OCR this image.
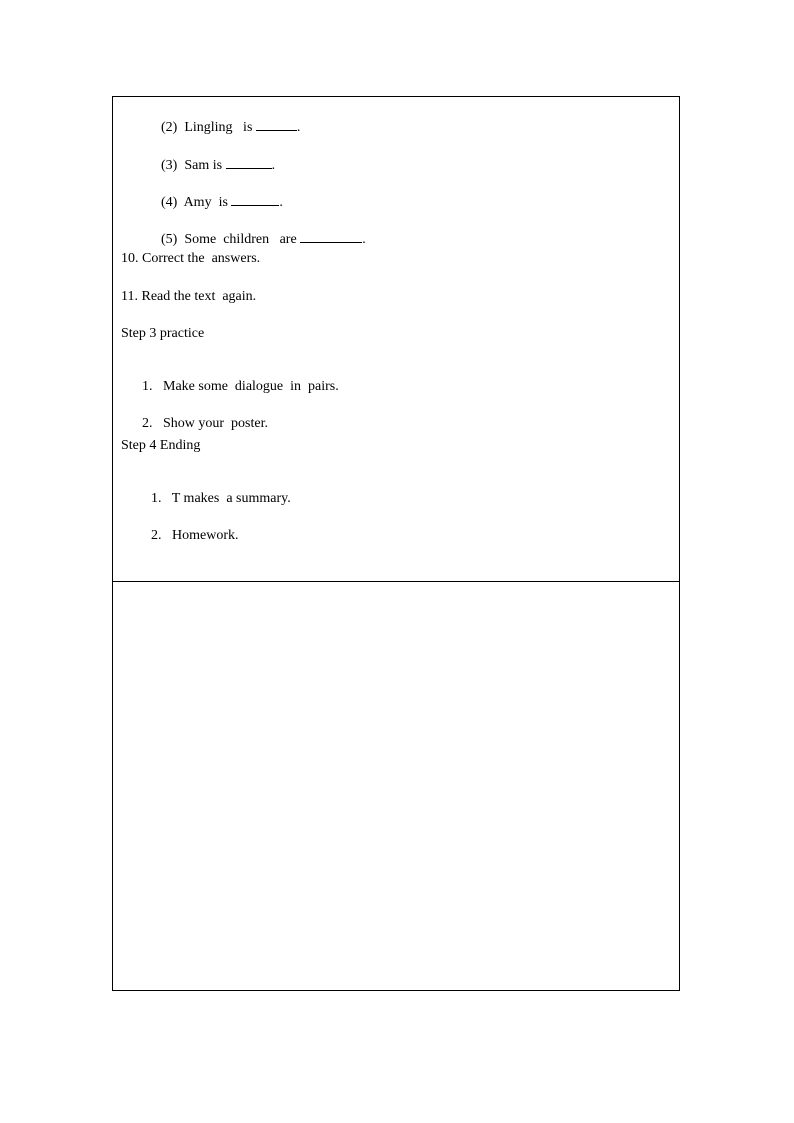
(2) Lingling   is	.

(3) Sam is	.

(4) Amy  is	.

(5) Some  children   are	.

10. Correct the  answers.
11. Read the text  again.
Step 3 practice

1. Make some  dialogue  in  pairs.

2. Show your  poster.

Step 4 Ending

1. T makes  a summary.

2. Homework.
